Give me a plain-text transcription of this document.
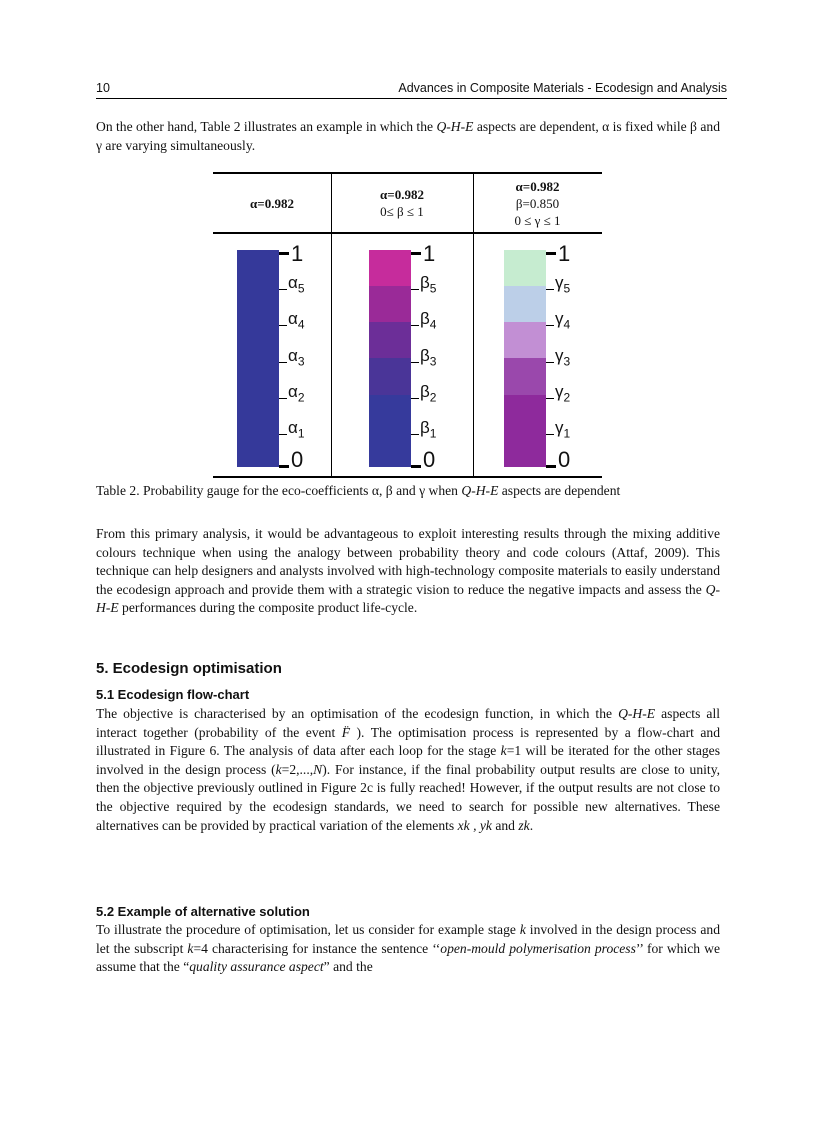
10	Advances in Composite Materials - Ecodesign and Analysis
On the other hand, Table 2 illustrates an example in which the Q-H-E aspects are dependent, α is fixed while β and γ are varying simultaneously.
α=0.982
α=0.982
0≤ β ≤ 1
α=0.982
β=0.850
0 ≤ γ ≤ 1
1
$\alpha_5$
$\alpha_4$
$\alpha_3$
$\alpha_2$
$\alpha_1$
0
1
$\beta_5$
$\beta_4$
$\beta_3$
$\beta_2$
$\beta_1$
0
1
$\gamma_5$
$\gamma_4$
$\gamma_3$
$\gamma_2$
$\gamma_1$
0
Table 2. Probability gauge for the eco-coefficients α, β and γ when Q-H-E aspects are dependent
From this primary analysis, it would be advantageous to exploit interesting results through the mixing additive colours technique when using the analogy between probability theory and code colours (Attaf, 2009). This technique can help designers and analysts involved with high-technology composite materials to easily understand the ecodesign approach and provide them with a strategic vision to reduce the negative impacts and assess the Q-H-E performances during the composite product life-cycle.
5. Ecodesign optimisation
5.1 Ecodesign flow-chart
The objective is characterised by an optimisation of the ecodesign function, in which the Q-H-E aspects all interact together (probability of the event F̈ ). The optimisation process is represented by a flow-chart and illustrated in Figure 6. The analysis of data after each loop for the stage k=1 will be iterated for the other stages involved in the design process (k=2,...,N). For instance, if the final probability output results are close to unity, then the objective previously outlined in Figure 2c is fully reached! However, if the output results are not close to the objective required by the ecodesign standards, we need to search for possible new alternatives. These alternatives can be provided by practical variation of the elements xk , yk and zk.
5.2 Example of alternative solution
To illustrate the procedure of optimisation, let us consider for example stage k involved in the design process and let the subscript k=4 characterising for instance the sentence ‘‘open-mould polymerisation process’’ for which we assume that the “quality assurance aspect” and the
